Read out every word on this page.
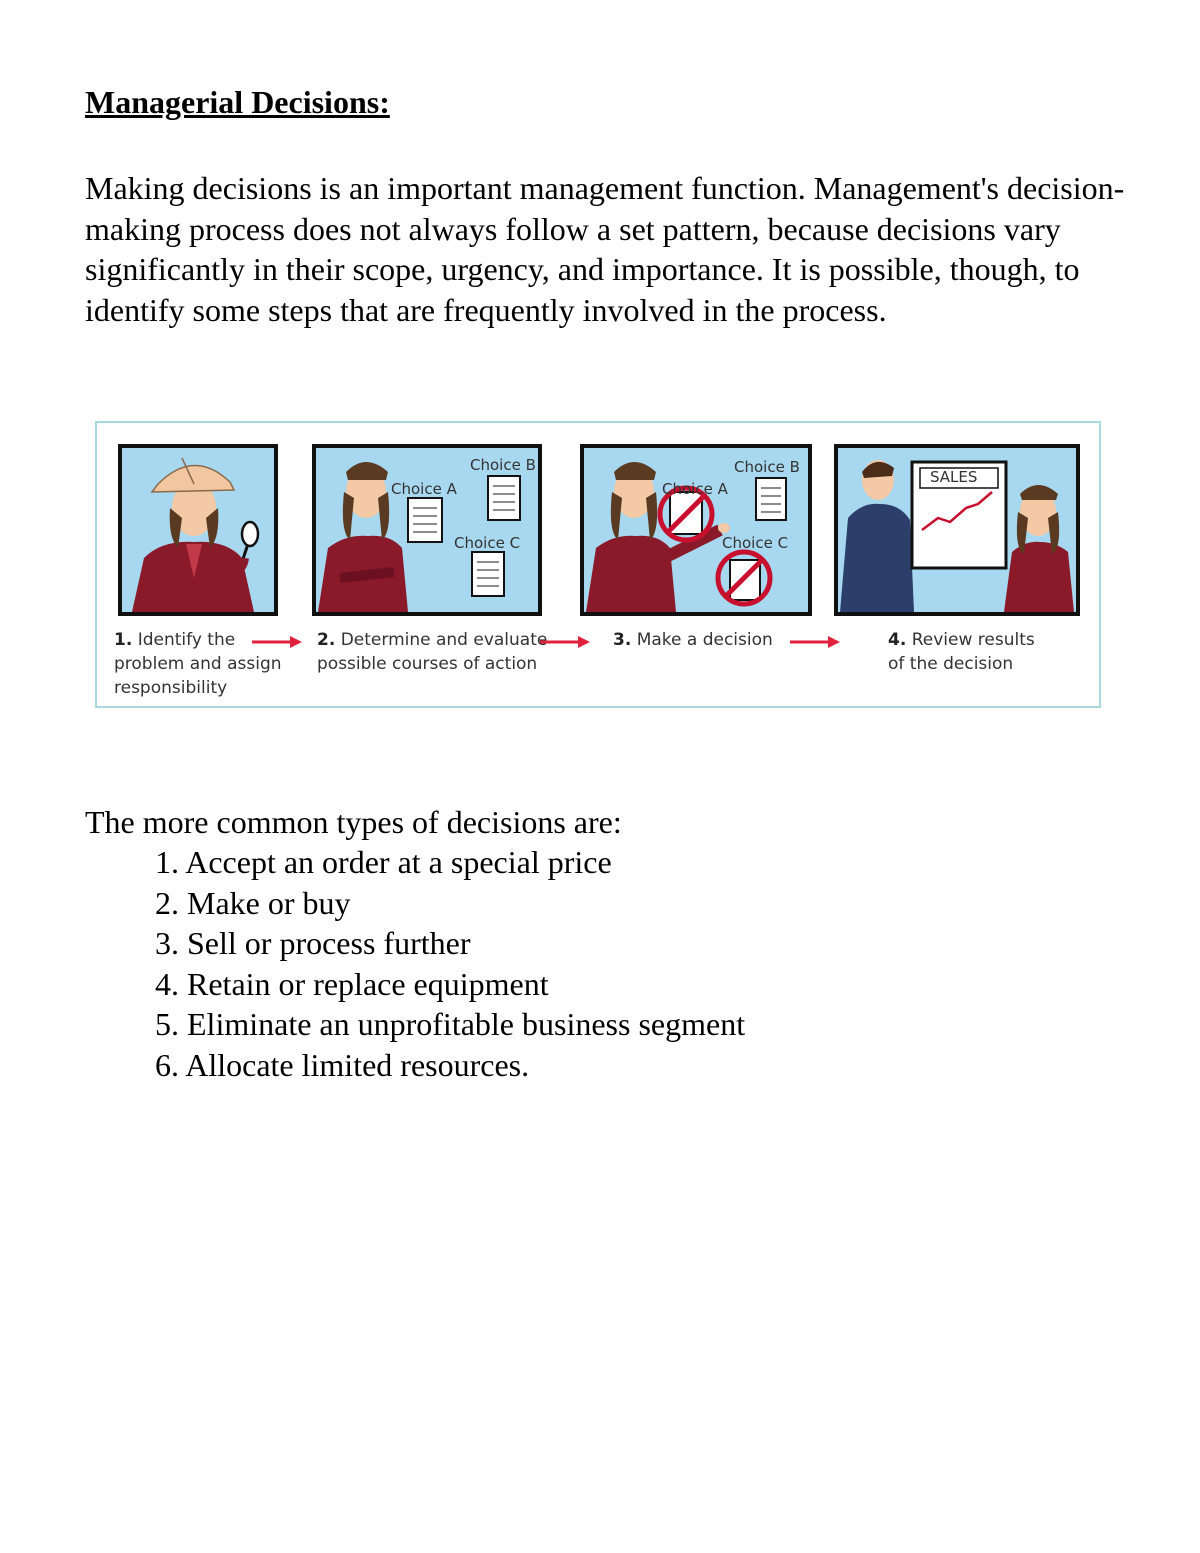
Managerial Decisions:

Making decisions is an important management function. Management's decision-making process does not always follow a set pattern, because decisions vary significantly in their scope, urgency, and importance. It is possible, though, to identify some steps that are frequently involved in the process.

Choice A
Choice B
Choice C
Choice A
Choice B
Choice C
SALES
1. Identify the
problem and assign
responsibility
2. Determine and evaluate
possible courses of action
3. Make a decision	4. Review results
of the decision

The more common types of decisions are:

1. Accept an order at a special price
2. Make or buy
3. Sell or process further
4. Retain or replace equipment
5. Eliminate an unprofitable business segment
6. Allocate limited resources.
